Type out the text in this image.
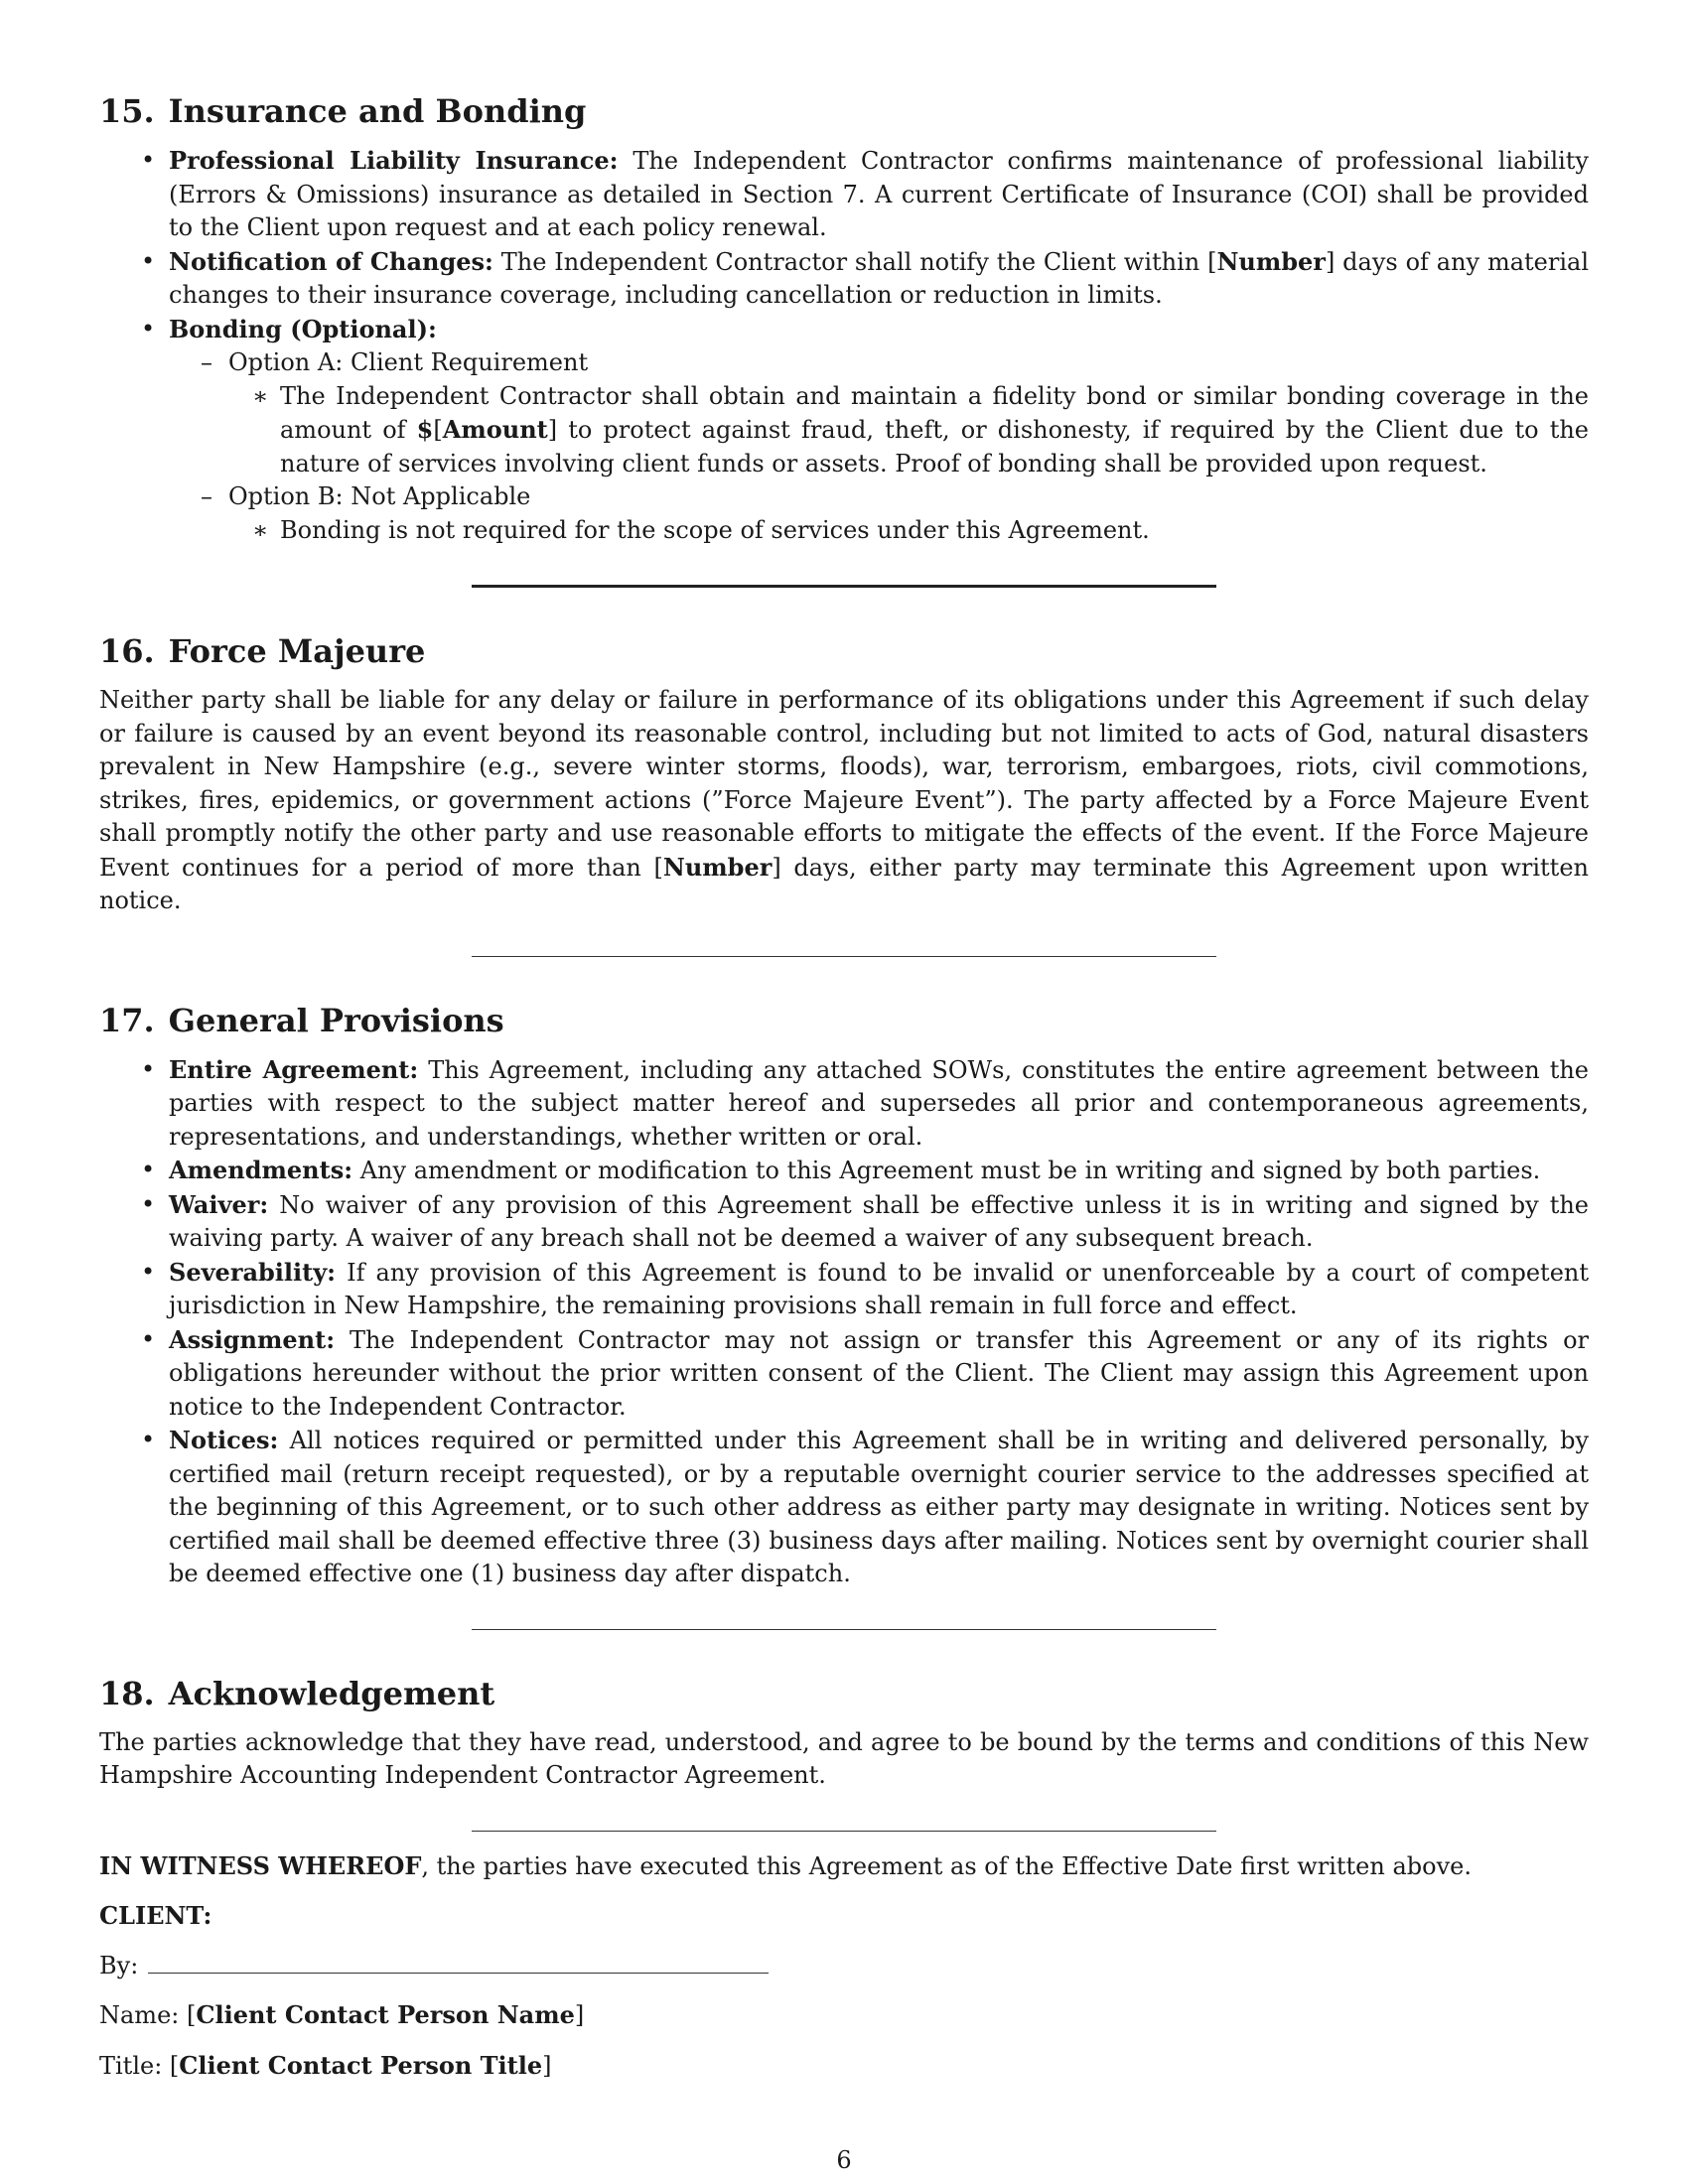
15. Insurance and Bonding
• Professional Liability Insurance: The Independent Contractor confirms maintenance of professional liability (Errors & Omissions) insurance as detailed in Section 7. A current Certificate of Insurance (COI) shall be provided to the Client upon request and at each policy renewal.
• Notification of Changes: The Independent Contractor shall notify the Client within [Number] days of any material changes to their insurance coverage, including cancellation or reduction in limits.
• Bonding (Optional):
– Option A: Client Requirement
∗ The Independent Contractor shall obtain and maintain a fidelity bond or similar bonding coverage in the amount of $[Amount] to protect against fraud, theft, or dishonesty, if required by the Client due to the nature of services involving client funds or assets. Proof of bonding shall be provided upon request.
– Option B: Not Applicable
∗ Bonding is not required for the scope of services under this Agreement.
16. Force Majeure

Neither party shall be liable for any delay or failure in performance of its obligations under this Agreement if such delay or failure is caused by an event beyond its reasonable control, including but not limited to acts of God, natural disasters prevalent in New Hampshire (e.g., severe winter storms, floods), war, terrorism, embargoes, riots, civil commotions, strikes, fires, epidemics, or government actions (”Force Majeure Event”). The party affected by a Force Majeure Event shall promptly notify the other party and use reasonable efforts to mitigate the effects of the event. If the Force Majeure Event continues for a period of more than [Number] days, either party may terminate this Agreement upon written notice.

17. General Provisions
• Entire Agreement: This Agreement, including any attached SOWs, constitutes the entire agreement between the parties with respect to the subject matter hereof and supersedes all prior and contemporaneous agreements, representations, and understandings, whether written or oral.
• Amendments: Any amendment or modification to this Agreement must be in writing and signed by both parties.
• Waiver: No waiver of any provision of this Agreement shall be effective unless it is in writing and signed by the waiving party. A waiver of any breach shall not be deemed a waiver of any subsequent breach.
• Severability: If any provision of this Agreement is found to be invalid or unenforceable by a court of competent jurisdiction in New Hampshire, the remaining provisions shall remain in full force and effect.
• Assignment: The Independent Contractor may not assign or transfer this Agreement or any of its rights or obligations hereunder without the prior written consent of the Client. The Client may assign this Agreement upon notice to the Independent Contractor.
• Notices: All notices required or permitted under this Agreement shall be in writing and delivered personally, by certified mail (return receipt requested), or by a reputable overnight courier service to the addresses specified at the beginning of this Agreement, or to such other address as either party may designate in writing. Notices sent by certified mail shall be deemed effective three (3) business days after mailing. Notices sent by overnight courier shall be deemed effective one (1) business day after dispatch.
18. Acknowledgement

The parties acknowledge that they have read, understood, and agree to be bound by the terms and conditions of this New Hampshire Accounting Independent Contractor Agreement.

IN WITNESS WHEREOF, the parties have executed this Agreement as of the Effective Date first written above.

CLIENT:

By:

Name: [Client Contact Person Name]

Title: [Client Contact Person Title]

6
